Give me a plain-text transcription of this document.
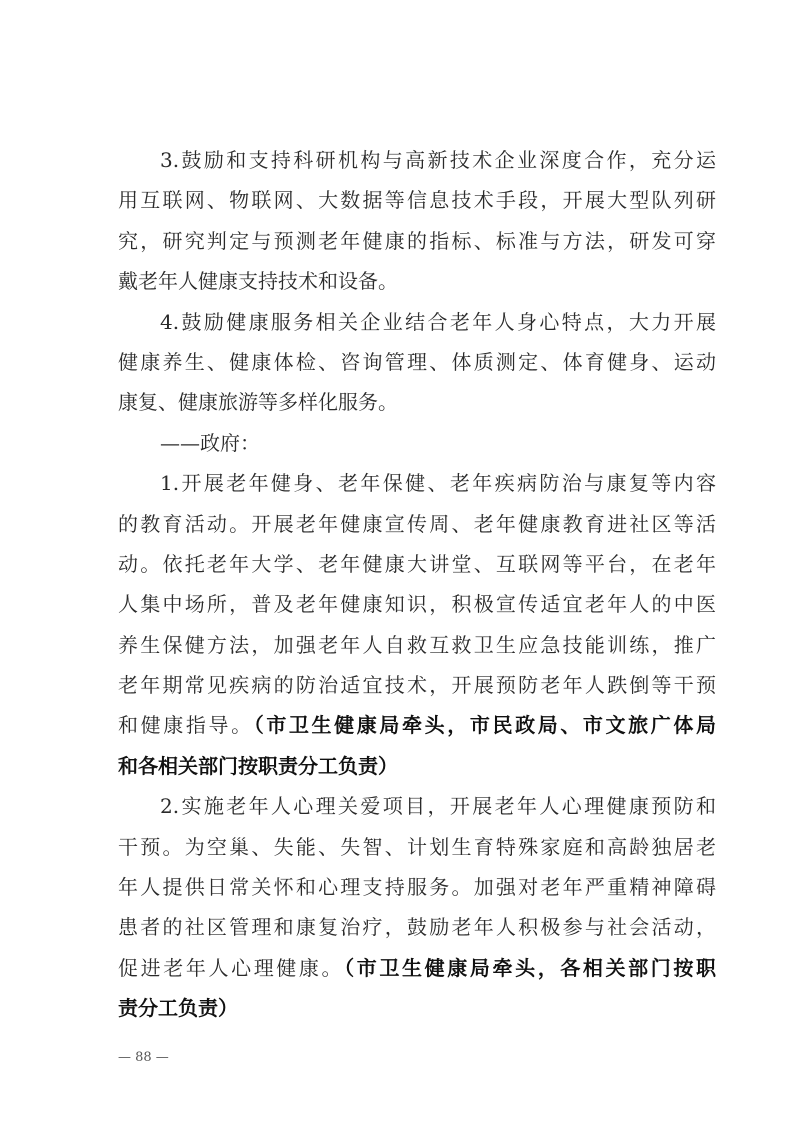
3.鼓励和支持科研机构与高新技术企业深度合作，充分运
用互联网、物联网、大数据等信息技术手段，开展大型队列研
究，研究判定与预测老年健康的指标、标准与方法，研发可穿
戴老年人健康支持技术和设备。
4.鼓励健康服务相关企业结合老年人身心特点，大力开展
健康养生、健康体检、咨询管理、体质测定、体育健身、运动
康复、健康旅游等多样化服务。
——政府：
1.开展老年健身、老年保健、老年疾病防治与康复等内容
的教育活动。开展老年健康宣传周、老年健康教育进社区等活
动。依托老年大学、老年健康大讲堂、互联网等平台，在老年
人集中场所，普及老年健康知识，积极宣传适宜老年人的中医
养生保健方法，加强老年人自救互救卫生应急技能训练，推广
老年期常见疾病的防治适宜技术，开展预防老年人跌倒等干预
和健康指导。（市卫生健康局牵头，市民政局、市文旅广体局
和各相关部门按职责分工负责）
2.实施老年人心理关爱项目，开展老年人心理健康预防和
干预。为空巢、失能、失智、计划生育特殊家庭和高龄独居老
年人提供日常关怀和心理支持服务。加强对老年严重精神障碍
患者的社区管理和康复治疗，鼓励老年人积极参与社会活动，
促进老年人心理健康。（市卫生健康局牵头，各相关部门按职
责分工负责）
— 88 —
